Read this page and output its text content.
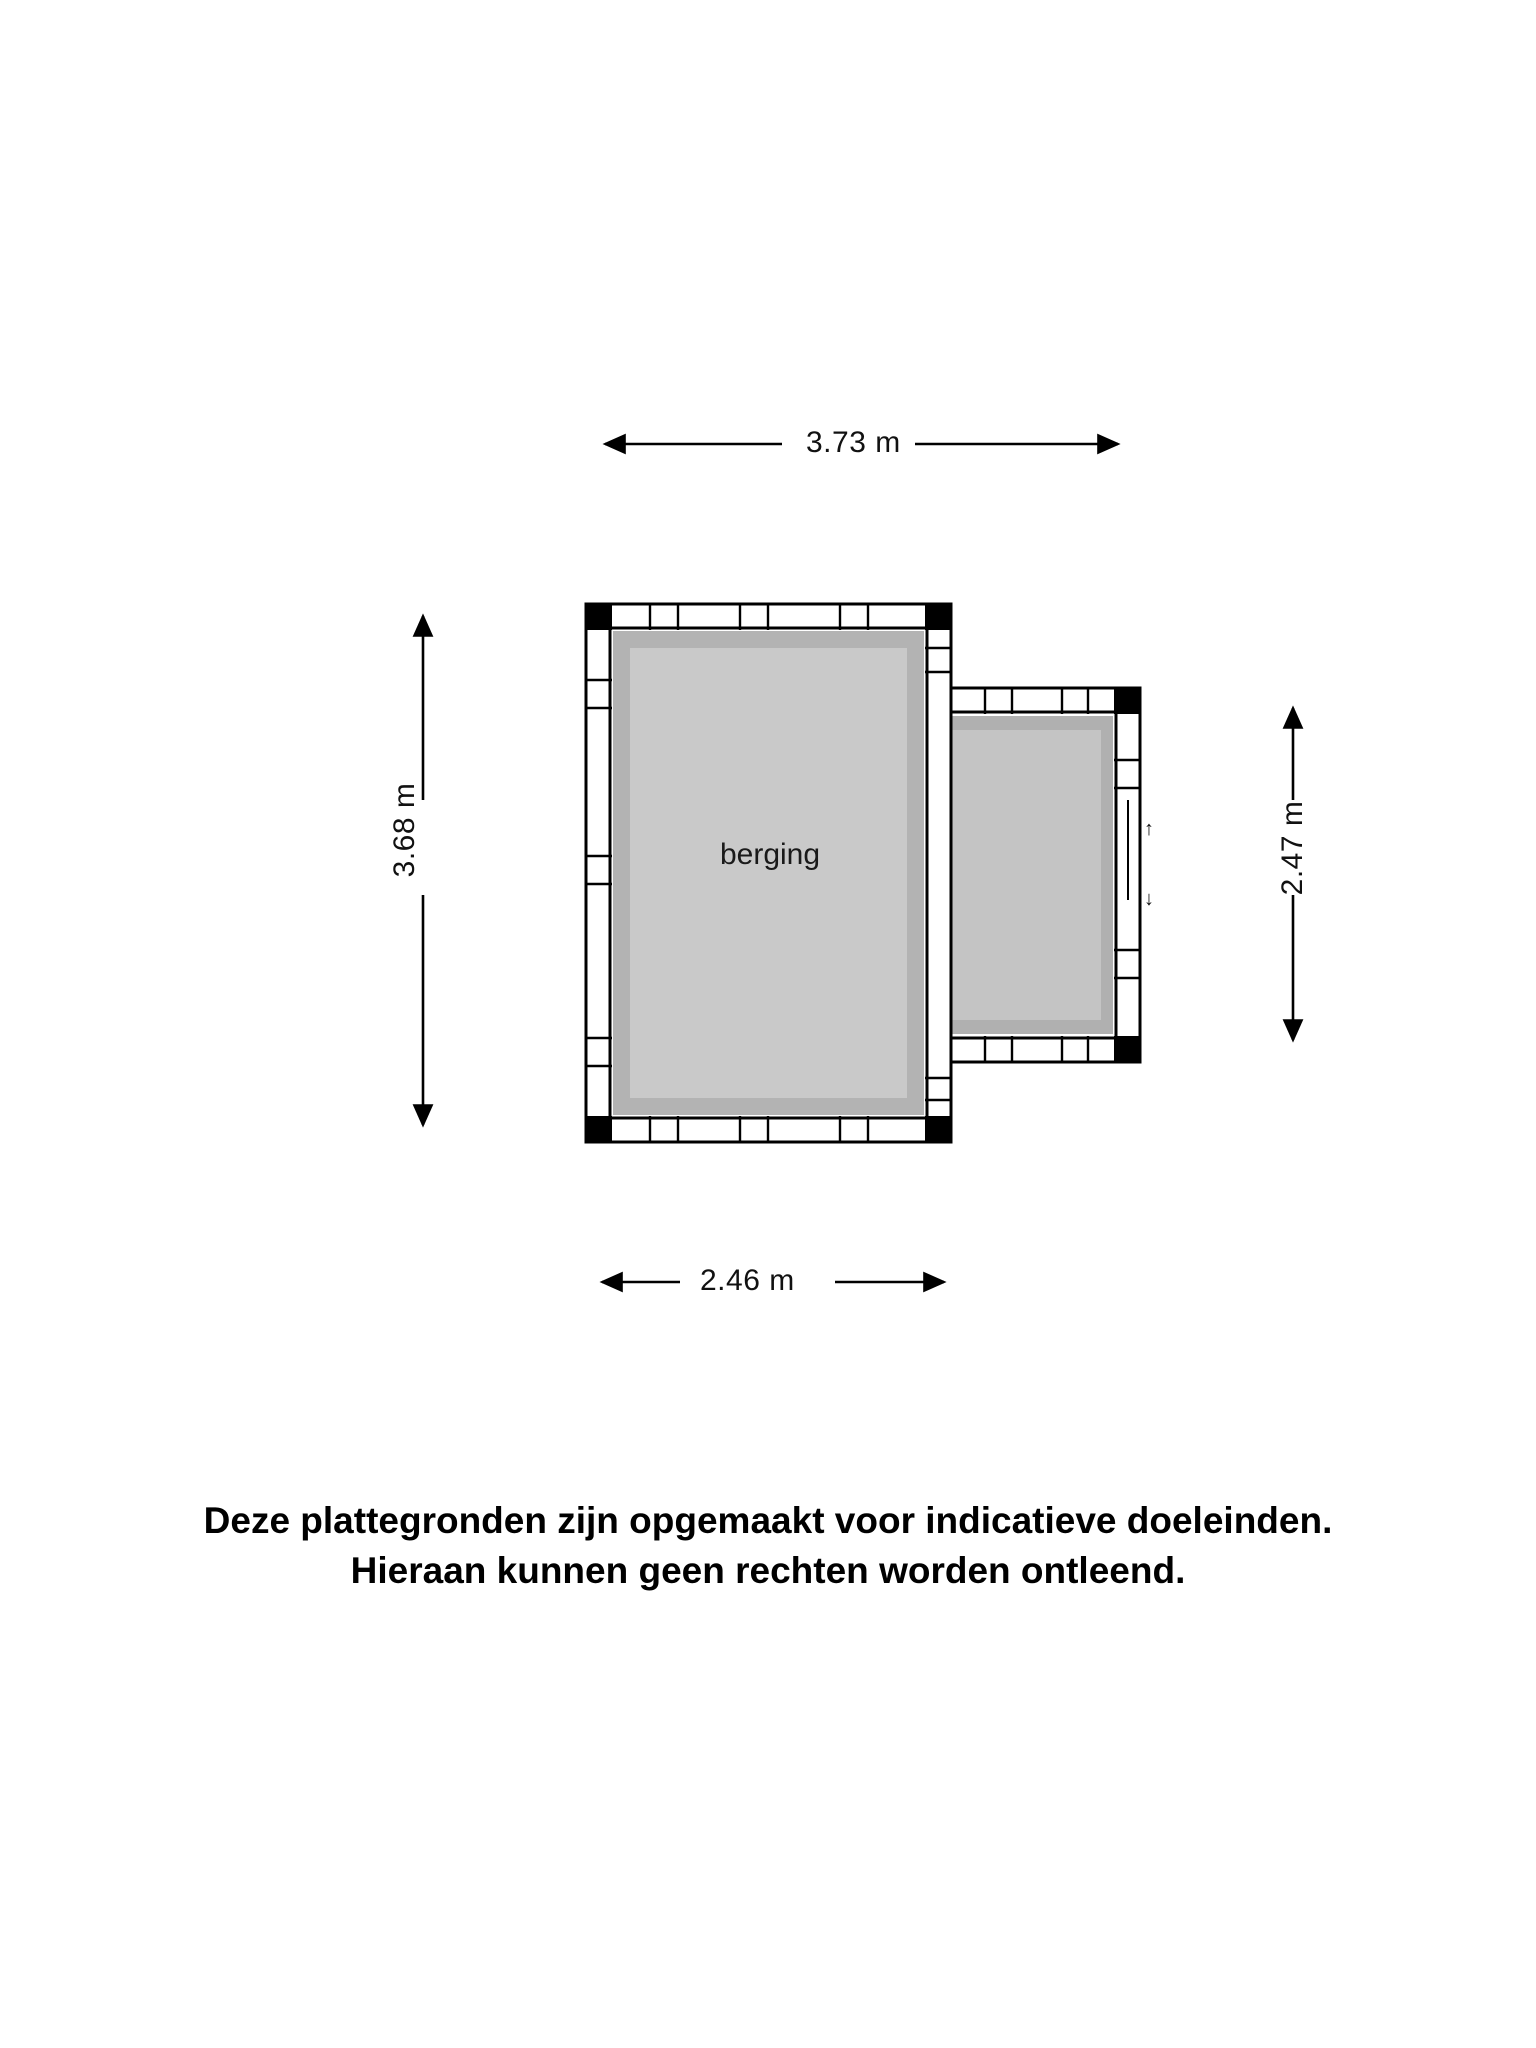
3.73 m
3.68 m	2.47 m
2.46 m
berging
↑
↓
Deze plattegronden zijn opgemaakt voor indicatieve doeleinden.
Hieraan kunnen geen rechten worden ontleend.
